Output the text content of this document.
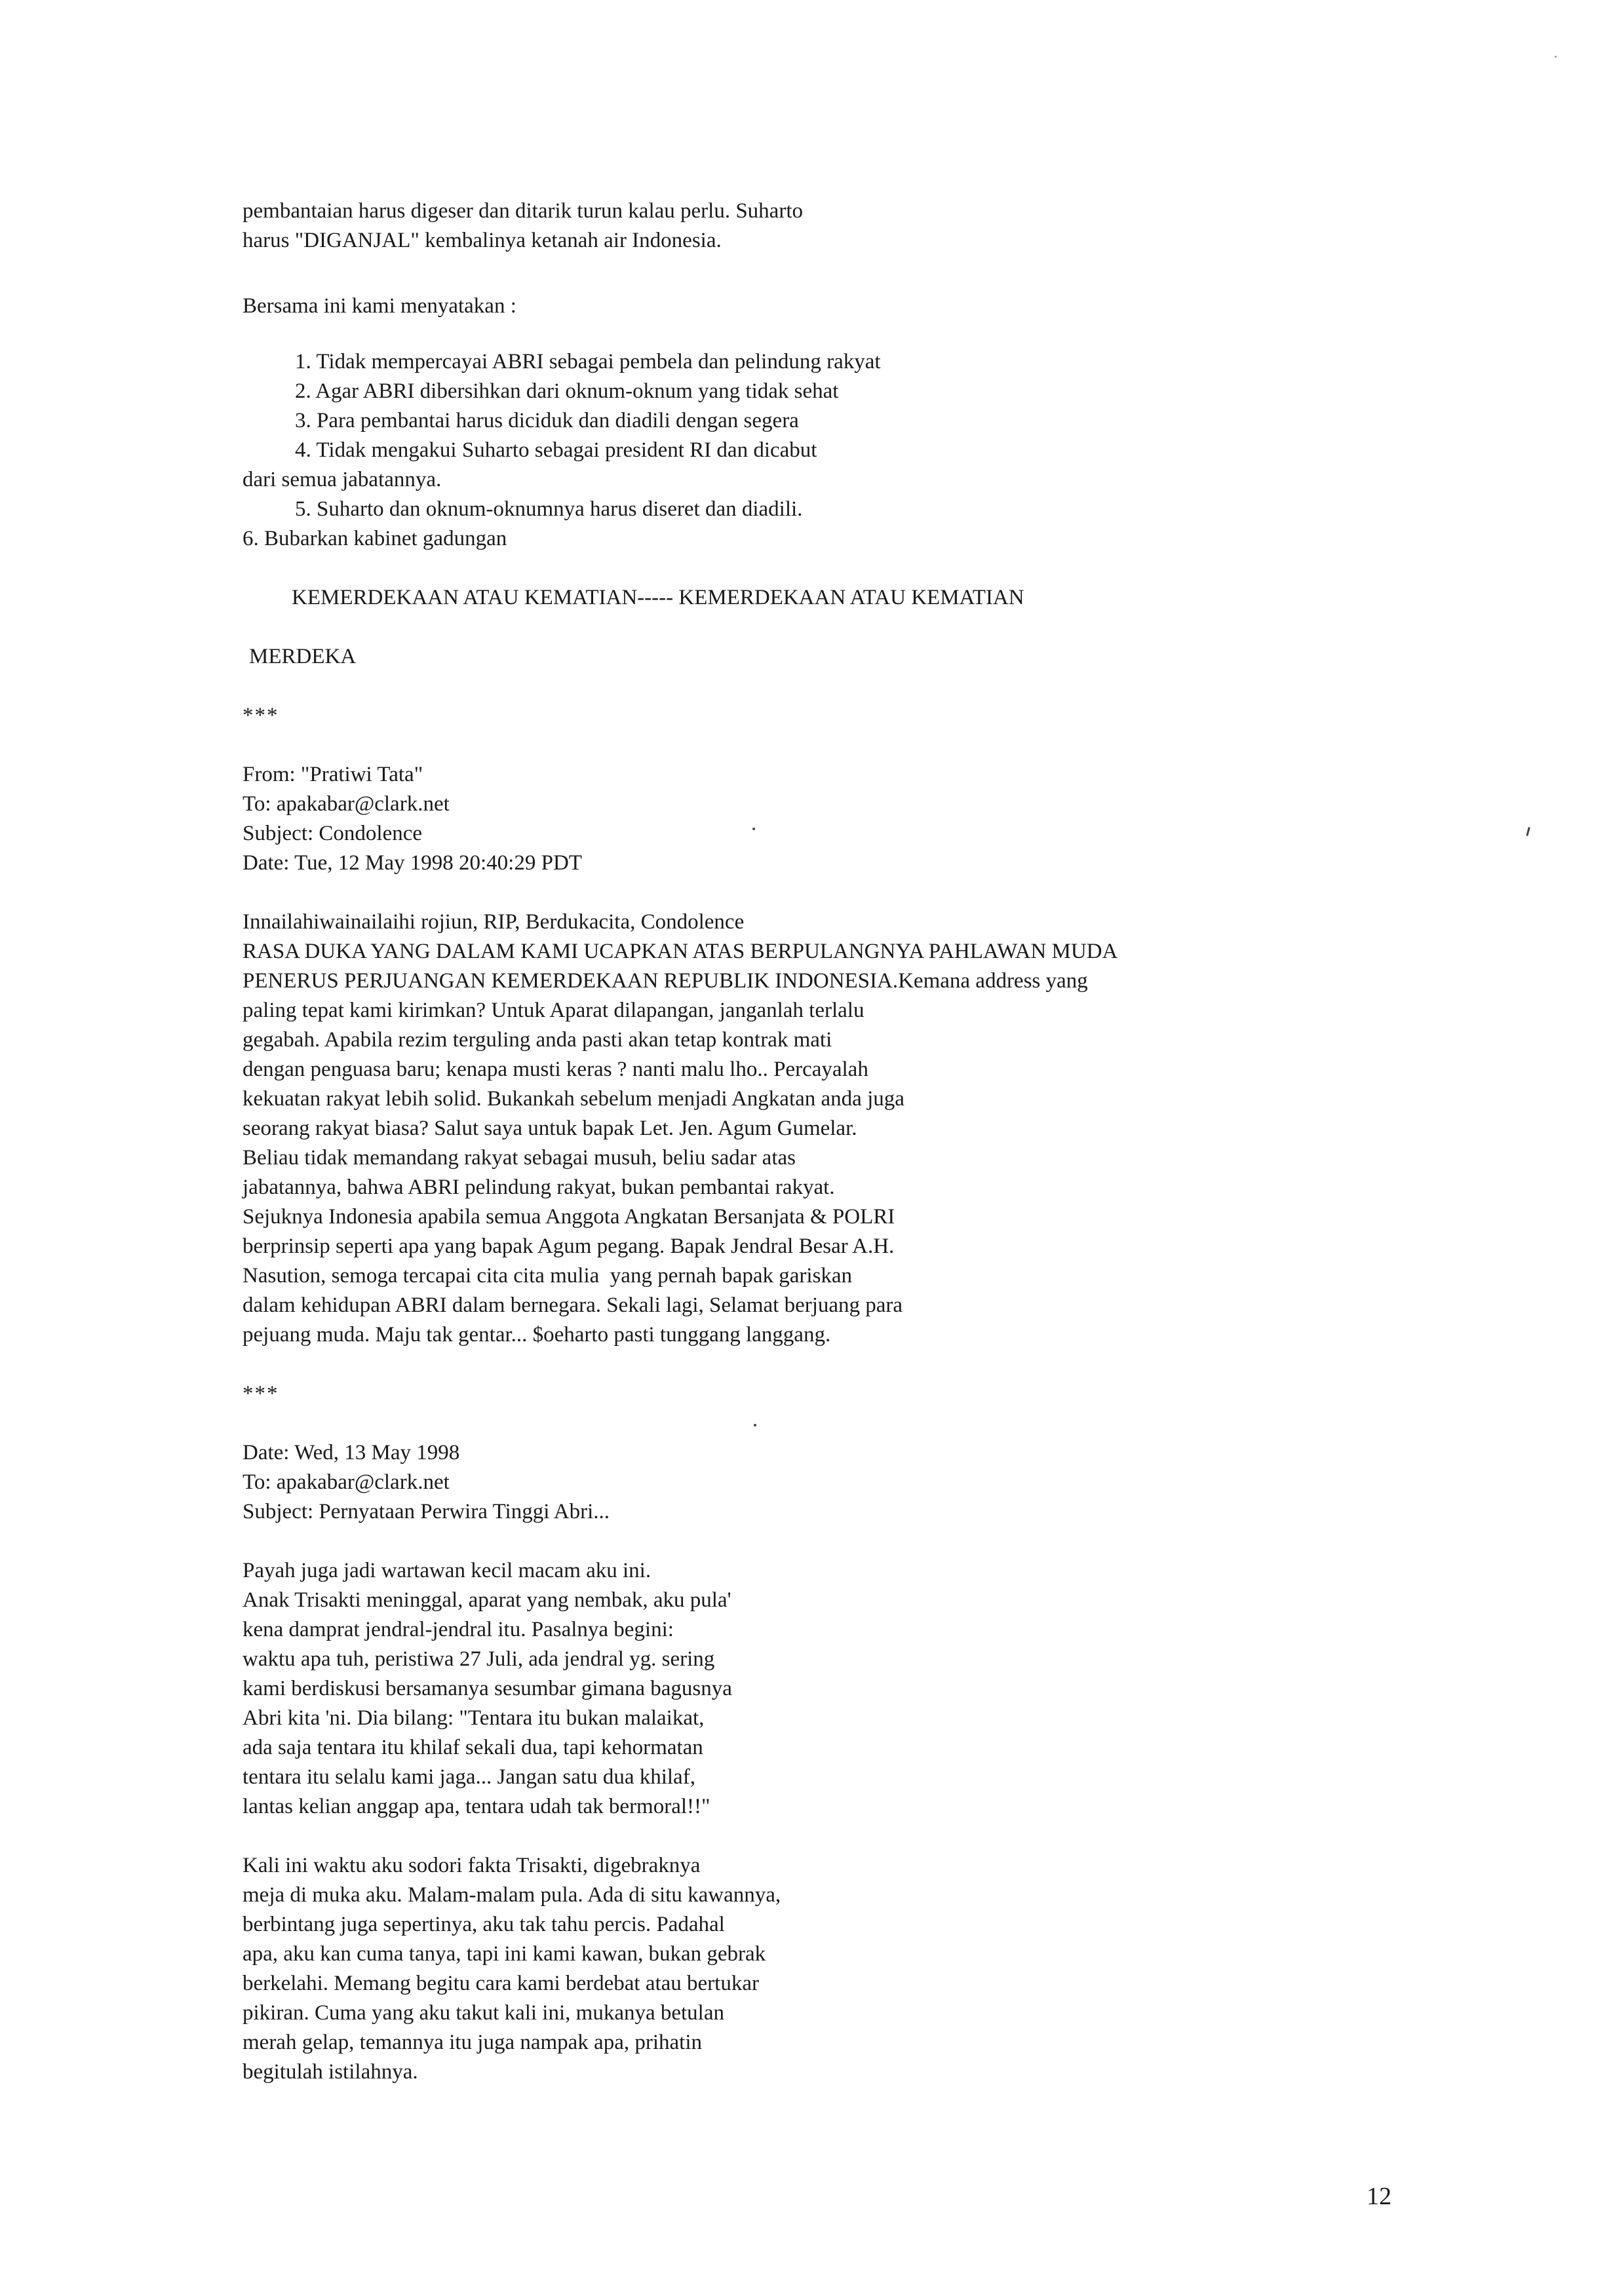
pembantaian harus digeser dan ditarik turun kalau perlu. Suharto
harus "DIGANJAL" kembalinya ketanah air Indonesia.
Bersama ini kami menyatakan :
1. Tidak mempercayai ABRI sebagai pembela dan pelindung rakyat
2. Agar ABRI dibersihkan dari oknum-oknum yang tidak sehat
3. Para pembantai harus diciduk dan diadili dengan segera
4. Tidak mengakui Suharto sebagai president RI dan dicabut
dari semua jabatannya.
5. Suharto dan oknum-oknumnya harus diseret dan diadili.
6. Bubarkan kabinet gadungan
KEMERDEKAAN ATAU KEMATIAN----- KEMERDEKAAN ATAU KEMATIAN
MERDEKA
***
From: "Pratiwi Tata"
To: apakabar@clark.net
Subject: Condolence
Date: Tue, 12 May 1998 20:40:29 PDT
Innailahiwainailaihi rojiun, RIP, Berdukacita, Condolence
RASA DUKA YANG DALAM KAMI UCAPKAN ATAS BERPULANGNYA PAHLAWAN MUDA
PENERUS PERJUANGAN KEMERDEKAAN REPUBLIK INDONESIA.Kemana address yang
paling tepat kami kirimkan? Untuk Aparat dilapangan, janganlah terlalu
gegabah. Apabila rezim terguling anda pasti akan tetap kontrak mati
dengan penguasa baru; kenapa musti keras ? nanti malu lho.. Percayalah
kekuatan rakyat lebih solid. Bukankah sebelum menjadi Angkatan anda juga
seorang rakyat biasa? Salut saya untuk bapak Let. Jen. Agum Gumelar.
Beliau tidak memandang rakyat sebagai musuh, beliu sadar atas
jabatannya, bahwa ABRI pelindung rakyat, bukan pembantai rakyat.
Sejuknya Indonesia apabila semua Anggota Angkatan Bersanjata & POLRI
berprinsip seperti apa yang bapak Agum pegang. Bapak Jendral Besar A.H.
Nasution, semoga tercapai cita cita mulia  yang pernah bapak gariskan
dalam kehidupan ABRI dalam bernegara. Sekali lagi, Selamat berjuang para
pejuang muda. Maju tak gentar... $oeharto pasti tunggang langgang.
***
Date: Wed, 13 May 1998
To: apakabar@clark.net
Subject: Pernyataan Perwira Tinggi Abri...
Payah juga jadi wartawan kecil macam aku ini.
Anak Trisakti meninggal, aparat yang nembak, aku pula'
kena damprat jendral-jendral itu. Pasalnya begini:
waktu apa tuh, peristiwa 27 Juli, ada jendral yg. sering
kami berdiskusi bersamanya sesumbar gimana bagusnya
Abri kita 'ni. Dia bilang: "Tentara itu bukan malaikat,
ada saja tentara itu khilaf sekali dua, tapi kehormatan
tentara itu selalu kami jaga... Jangan satu dua khilaf,
lantas kelian anggap apa, tentara udah tak bermoral!!"
Kali ini waktu aku sodori fakta Trisakti, digebraknya
meja di muka aku. Malam-malam pula. Ada di situ kawannya,
berbintang juga sepertinya, aku tak tahu percis. Padahal
apa, aku kan cuma tanya, tapi ini kami kawan, bukan gebrak
berkelahi. Memang begitu cara kami berdebat atau bertukar
pikiran. Cuma yang aku takut kali ini, mukanya betulan
merah gelap, temannya itu juga nampak apa, prihatin
begitulah istilahnya.
12
